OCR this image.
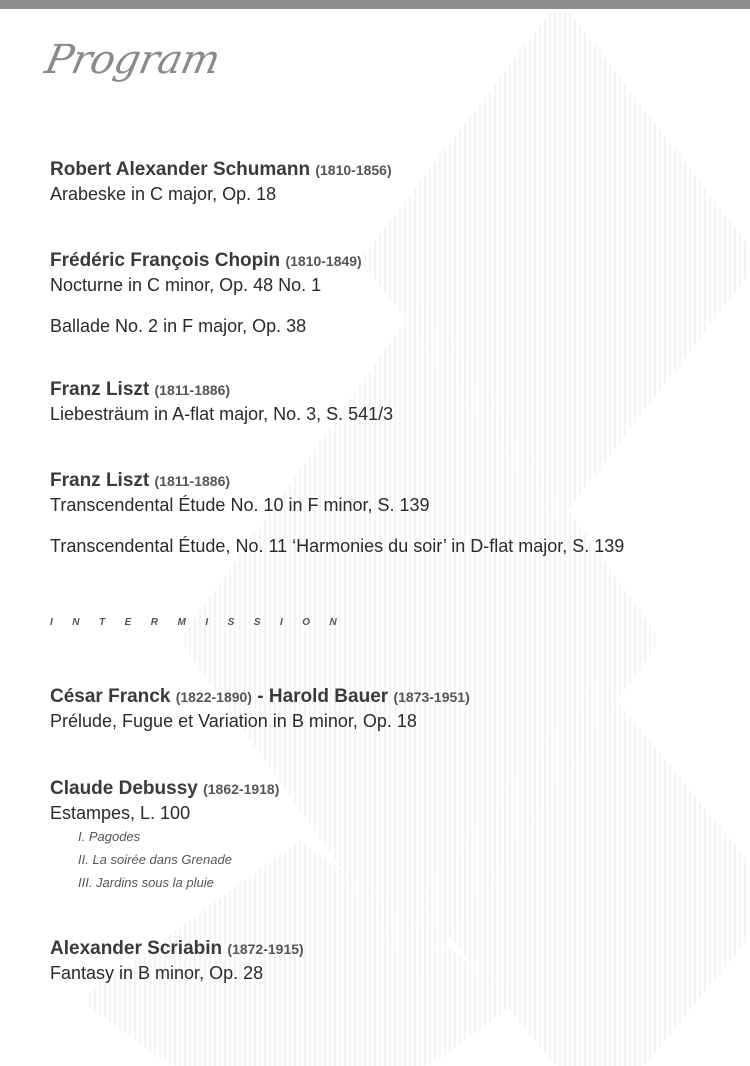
Program
Robert Alexander Schumann (1810-1856)
Arabeske in C major, Op. 18
Frédéric François Chopin (1810-1849)
Nocturne in C minor, Op. 48 No. 1
Ballade No. 2 in F major, Op. 38
Franz Liszt (1811-1886)
Liebesträum in A-flat major, No. 3, S. 541/3
Franz Liszt (1811-1886)
Transcendental Étude No. 10 in F minor, S. 139
Transcendental Étude, No. 11 ‘Harmonies du soir’ in D-flat major, S. 139
INTERMISSION
César Franck (1822-1890) - Harold Bauer (1873-1951)
Prélude, Fugue et Variation in B minor, Op. 18
Claude Debussy (1862-1918)
Estampes, L. 100
I. Pagodes
II. La soirée dans Grenade
III. Jardins sous la pluie
Alexander Scriabin (1872-1915)
Fantasy in B minor, Op. 28
